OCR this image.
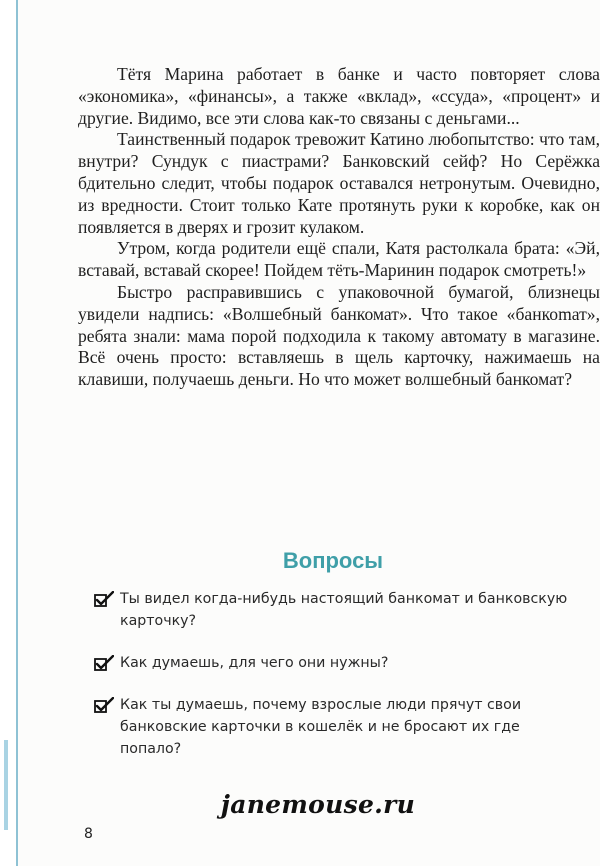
Тётя Марина работает в банке и часто повторяет слова «экономика», «финансы», а также «вклад», «ссуда», «процент» и другие. Видимо, все эти слова как-то связаны с деньгами...

Таинственный подарок тревожит Катино любопытство: что там, внутри? Сундук с пиастрами? Банковский сейф? Но Серёжка бдительно следит, чтобы подарок оставался нетронутым. Очевидно, из вредности. Стоит только Кате протянуть руки к коробке, как он появляется в дверях и грозит кулаком.

Утром, когда родители ещё спали, Катя растолкала брата: «Эй, вставай, вставай скорее! Пойдем тёть-Маринин подарок смотреть!»

Быстро расправившись с упаковочной бумагой, близнецы увидели надпись: «Волшебный банкомат». Что такое «банкоmат», ребята знали: мама порой подходила к такому автомату в магазине. Всё очень просто: вставляешь в щель карточку, нажимаешь на клавиши, получаешь деньги. Но что может волшебный банкомат?

Вопросы
Ты видел когда-нибудь настоящий банкомат и банковскую карточку?
Как думаешь, для чего они нужны?
Как ты думаешь, почему взрослые люди прячут свои банковские карточки в кошелёк и не бросают их где попало?
janemouse.ru
8
